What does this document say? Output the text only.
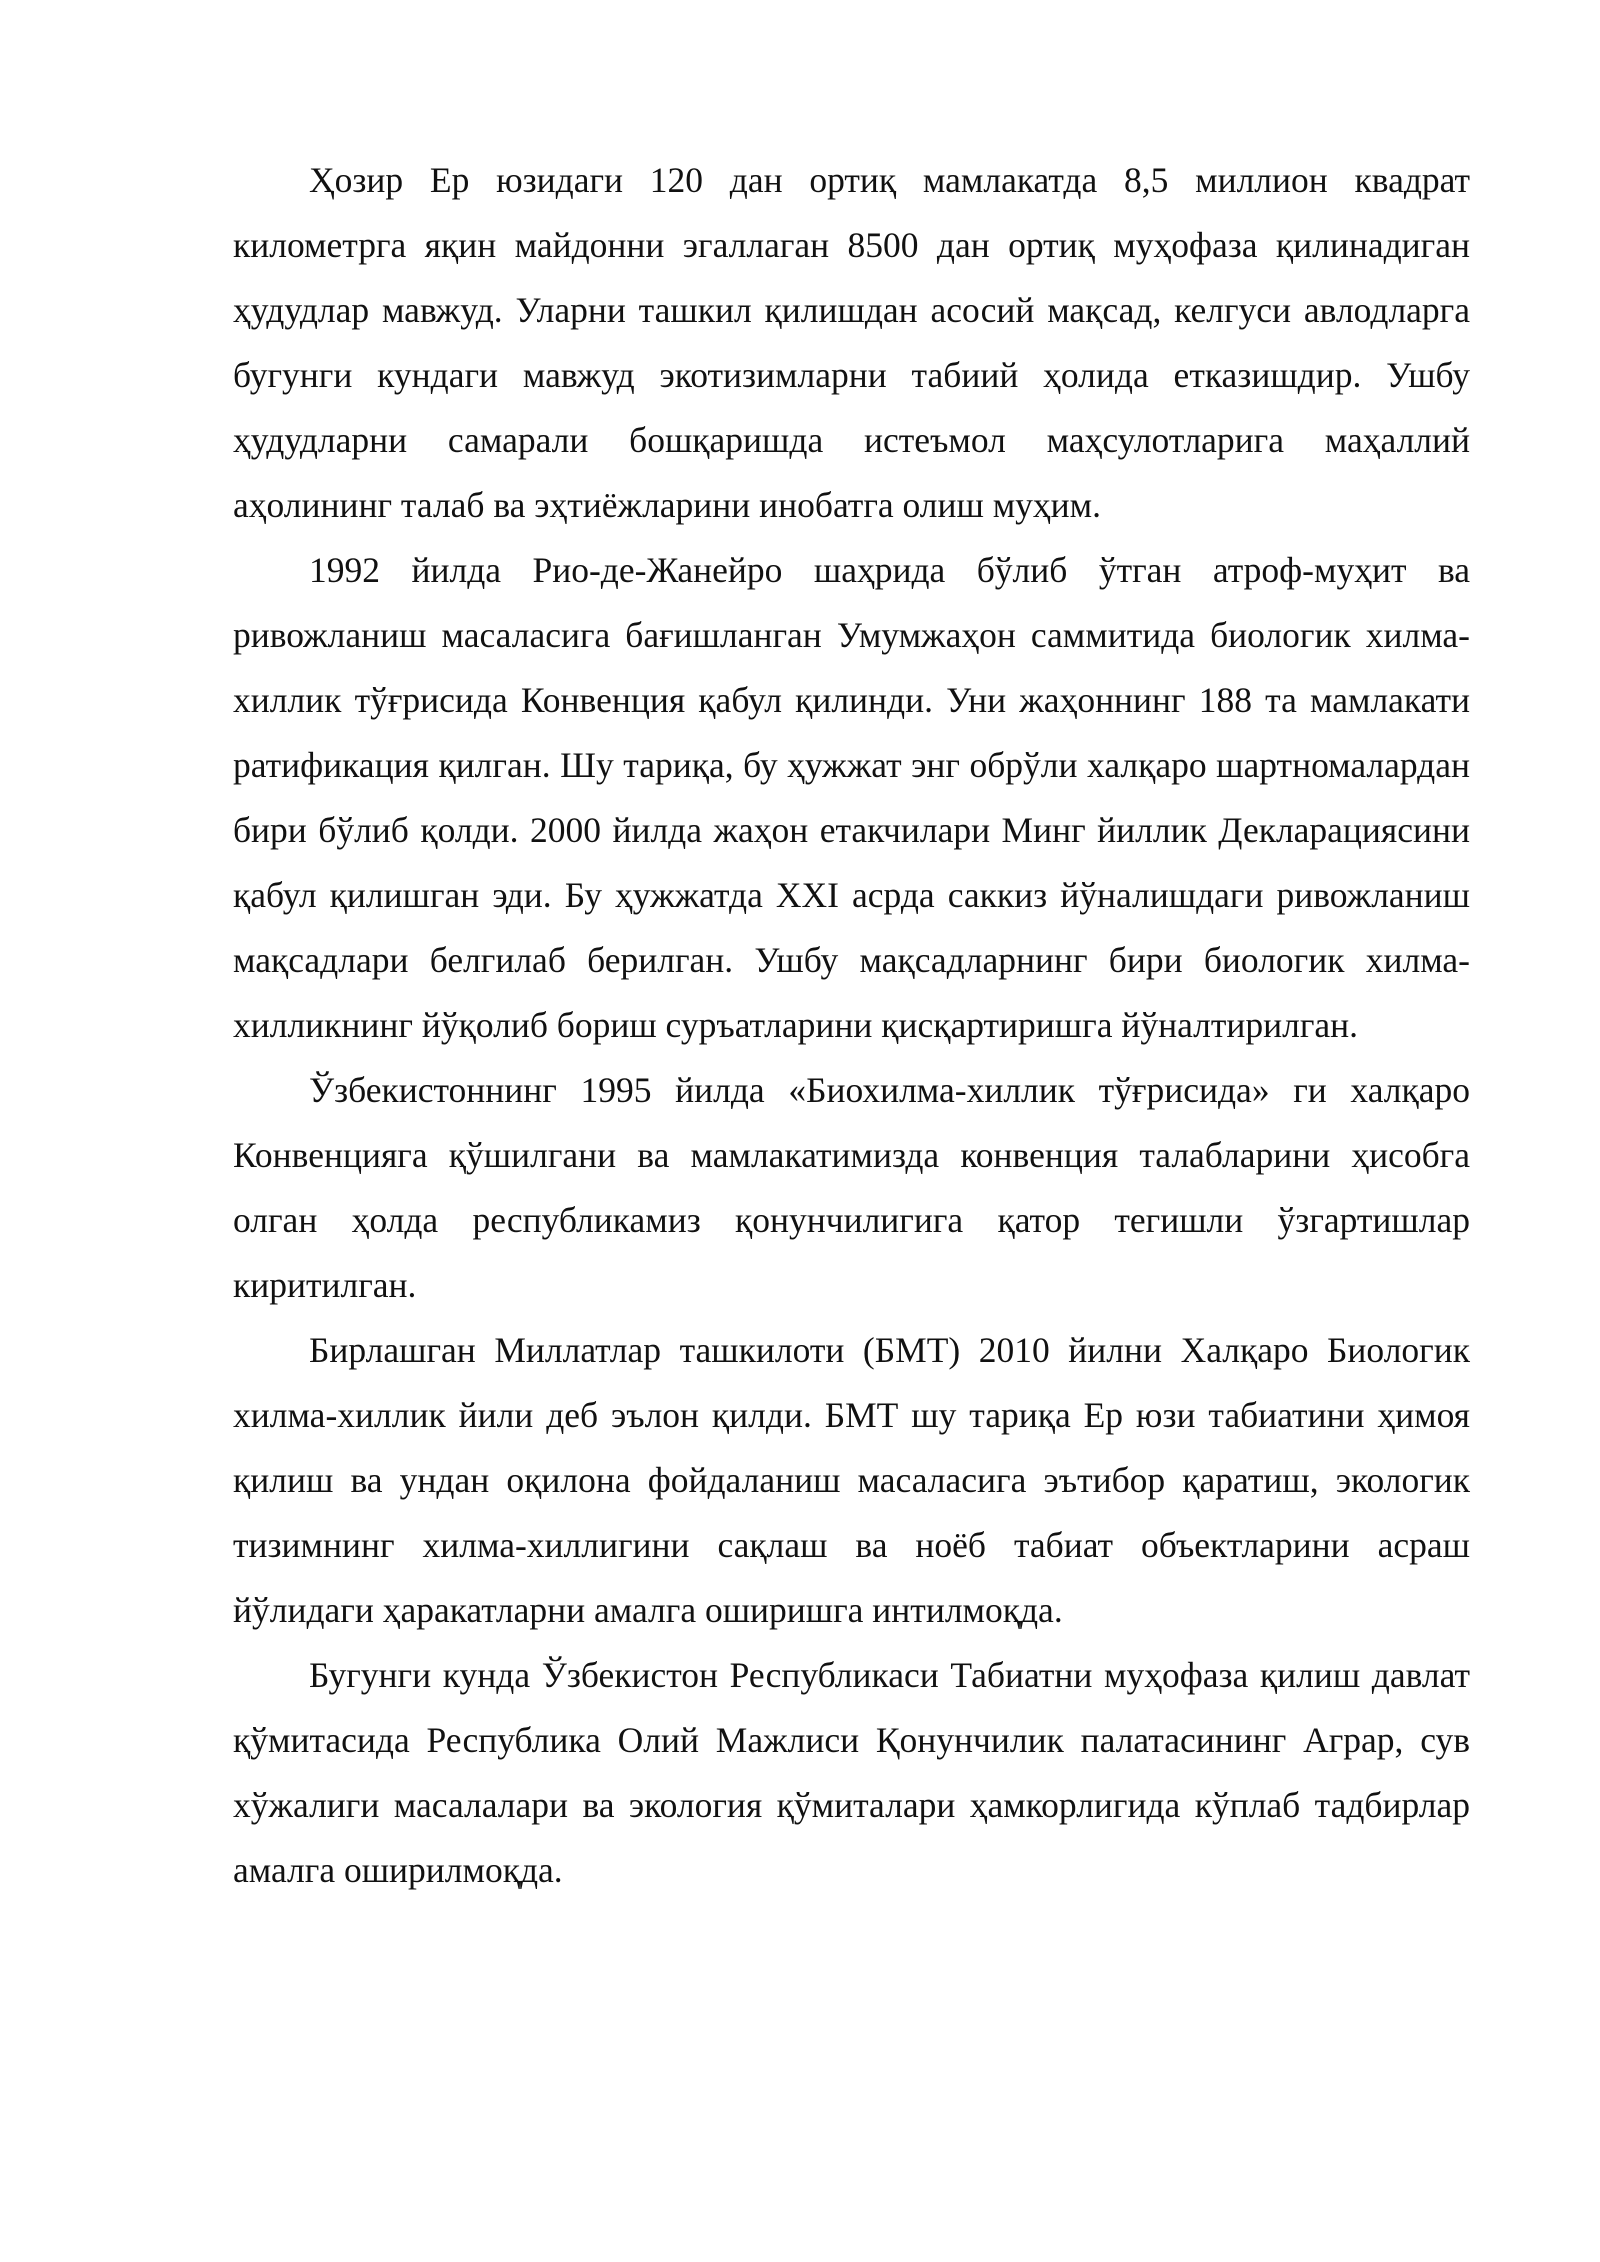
Ҳозир Ер юзидаги 120 дан ортиқ мамлакатда 8,5 миллион квадрат километрга яқин майдонни эгаллаган 8500 дан ортиқ муҳофаза қилинадиган ҳудудлар мавжуд. Уларни ташкил қилишдан асосий мақсад, келгуси авлодларга бугунги кундаги мавжуд экотизимларни табиий ҳолида етказишдир. Ушбу ҳудудларни самарали бошқаришда истеъмол маҳсулотларига маҳаллий аҳолининг талаб ва эҳтиёжларини инобатга олиш муҳим.

1992 йилда Рио-де-Жанейро шаҳрида бўлиб ўтган атроф-муҳит ва ривожланиш масаласига бағишланган Умумжаҳон саммитида биологик хилма-хиллик тўғрисида Конвенция қабул қилинди. Уни жаҳоннинг 188 та мамлакати ратификация қилган. Шу тариқа, бу ҳужжат энг обрўли халқаро шартномалардан бири бўлиб қолди. 2000 йилда жаҳон етакчилари Минг йиллик Декларациясини қабул қилишган эди. Бу ҳужжатда XXI асрда саккиз йўналишдаги ривожланиш мақсадлари белгилаб берилган. Ушбу мақсадларнинг бири биологик хилма-хилликнинг йўқолиб бориш суръатларини қисқартиришга йўналтирилган.

Ўзбекистоннинг 1995 йилда «Биохилма-хиллик тўғрисида» ги халқаро Конвенцияга қўшилгани ва мамлакатимизда конвенция талабларини ҳисобга олган ҳолда республикамиз қонунчилигига қатор тегишли ўзгартишлар киритилган.

Бирлашган Миллатлар ташкилоти (БМТ) 2010 йилни Халқаро Биологик хилма-хиллик йили деб эълон қилди. БМТ шу тариқа Ер юзи табиатини ҳимоя қилиш ва ундан оқилона фойдаланиш масаласига эътибор қаратиш, экологик тизимнинг хилма-хиллигини сақлаш ва ноёб табиат объектларини асраш йўлидаги ҳаракатларни амалга оширишга интилмоқда.

Бугунги кунда Ўзбекистон Республикаси Табиатни муҳофаза қилиш давлат қўмитасида Республика Олий Мажлиси Қонунчилик палатасининг Аграр, сув хўжалиги масалалари ва экология қўмиталари ҳамкорлигида кўплаб тадбирлар амалга оширилмоқда.
